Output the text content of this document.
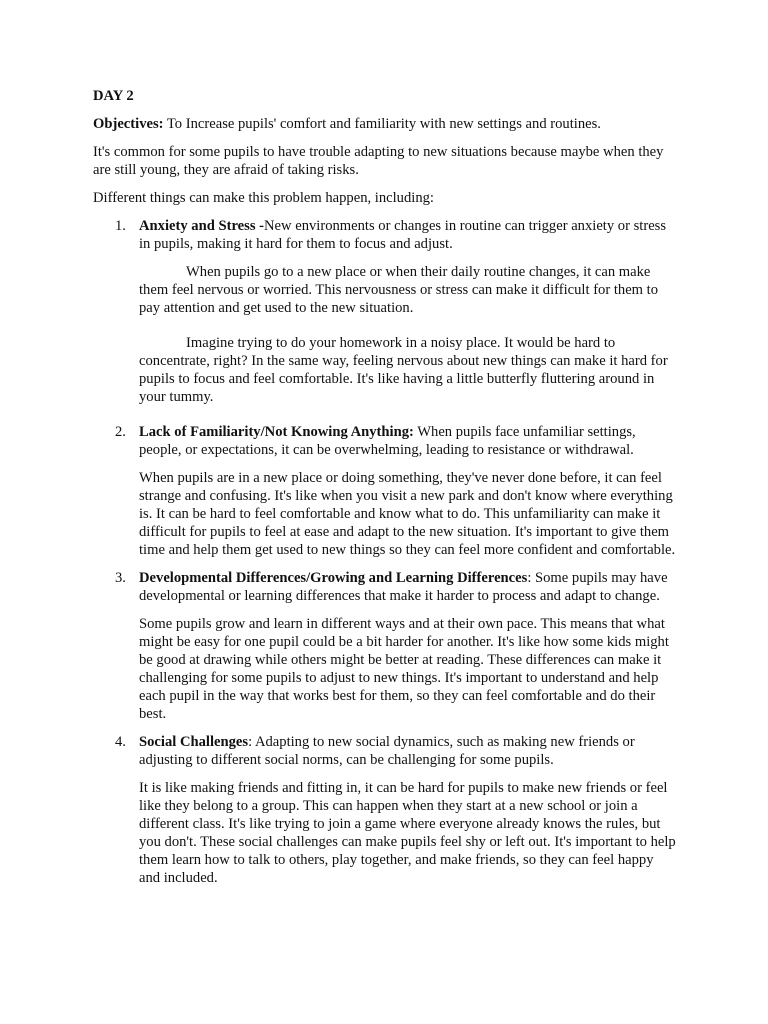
DAY 2

Objectives: To Increase pupils' comfort and familiarity with new settings and routines.

It's common for some pupils to have trouble adapting to new situations because maybe when they are still young, they are afraid of taking risks.

Different things can make this problem happen, including:

1. Anxiety and Stress -New environments or changes in routine can trigger anxiety or stress in pupils, making it hard for them to focus and adjust.

When pupils go to a new place or when their daily routine changes, it can make them feel nervous or worried. This nervousness or stress can make it difficult for them to pay attention and get used to the new situation.

Imagine trying to do your homework in a noisy place. It would be hard to concentrate, right? In the same way, feeling nervous about new things can make it hard for pupils to focus and feel comfortable. It's like having a little butterfly fluttering around in your tummy.

2. Lack of Familiarity/Not Knowing Anything: When pupils face unfamiliar settings, people, or expectations, it can be overwhelming, leading to resistance or withdrawal.

When pupils are in a new place or doing something, they've never done before, it can feel strange and confusing. It's like when you visit a new park and don't know where everything is. It can be hard to feel comfortable and know what to do. This unfamiliarity can make it difficult for pupils to feel at ease and adapt to the new situation. It's important to give them time and help them get used to new things so they can feel more confident and comfortable.

3. Developmental Differences/Growing and Learning Differences: Some pupils may have developmental or learning differences that make it harder to process and adapt to change.

Some pupils grow and learn in different ways and at their own pace. This means that what might be easy for one pupil could be a bit harder for another. It's like how some kids might be good at drawing while others might be better at reading. These differences can make it challenging for some pupils to adjust to new things. It's important to understand and help each pupil in the way that works best for them, so they can feel comfortable and do their best.

4. Social Challenges: Adapting to new social dynamics, such as making new friends or adjusting to different social norms, can be challenging for some pupils.

It is like making friends and fitting in, it can be hard for pupils to make new friends or feel like they belong to a group. This can happen when they start at a new school or join a different class. It's like trying to join a game where everyone already knows the rules, but you don't. These social challenges can make pupils feel shy or left out. It's important to help them learn how to talk to others, play together, and make friends, so they can feel happy and included.
